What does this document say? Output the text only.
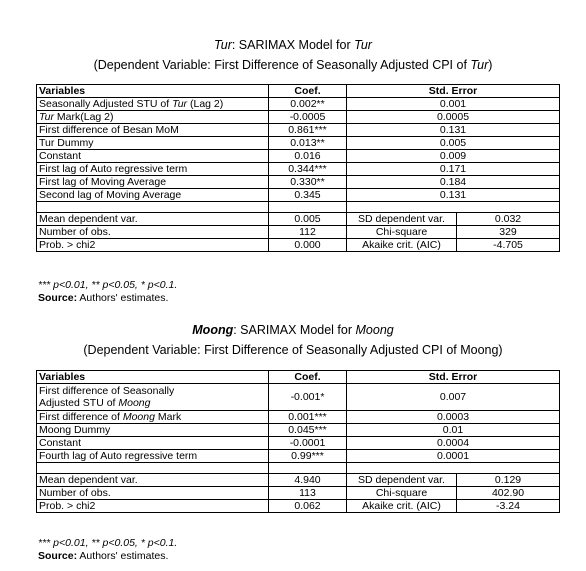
Tur: SARIMAX Model for Tur
(Dependent Variable: First Difference of Seasonally Adjusted CPI of Tur)
Variables	Coef.	Std. Error	
Seasonally Adjusted STU of Tur (Lag 2)	0.002**	0.001	
Tur Mark(Lag 2)	-0.0005	0.0005	
First difference of Besan MoM	0.861***	0.131	
Tur Dummy	0.013**	0.005	
Constant	0.016	0.009	
First lag of Auto regressive term	0.344***	0.171	
First lag of Moving Average	0.330**	0.184	
Second lag of Moving Average	0.345	0.131	

Mean dependent var.	0.005	SD dependent var.	0.032
Number of obs.	112	Chi-square	329
Prob. > chi2	0.000	Akaike crit. (AIC)	-4.705
*** p<0.01, ** p<0.05, * p<0.1.
Source: Authors' estimates.
Moong: SARIMAX Model for Moong
(Dependent Variable: First Difference of Seasonally Adjusted CPI of Moong)
Variables	Coef.	Std. Error	
First difference of Seasonally
Adjusted STU of Moong	-0.001*	0.007	
First difference of Moong Mark	0.001***	0.0003	
Moong Dummy	0.045***	0.01	
Constant	-0.0001	0.0004	
Fourth lag of Auto regressive term	0.99***	0.0001	

Mean dependent var.	4.940	SD dependent var.	0.129
Number of obs.	113	Chi-square	402.90
Prob. > chi2	0.062	Akaike crit. (AIC)	-3.24
*** p<0.01, ** p<0.05, * p<0.1.
Source: Authors' estimates.
